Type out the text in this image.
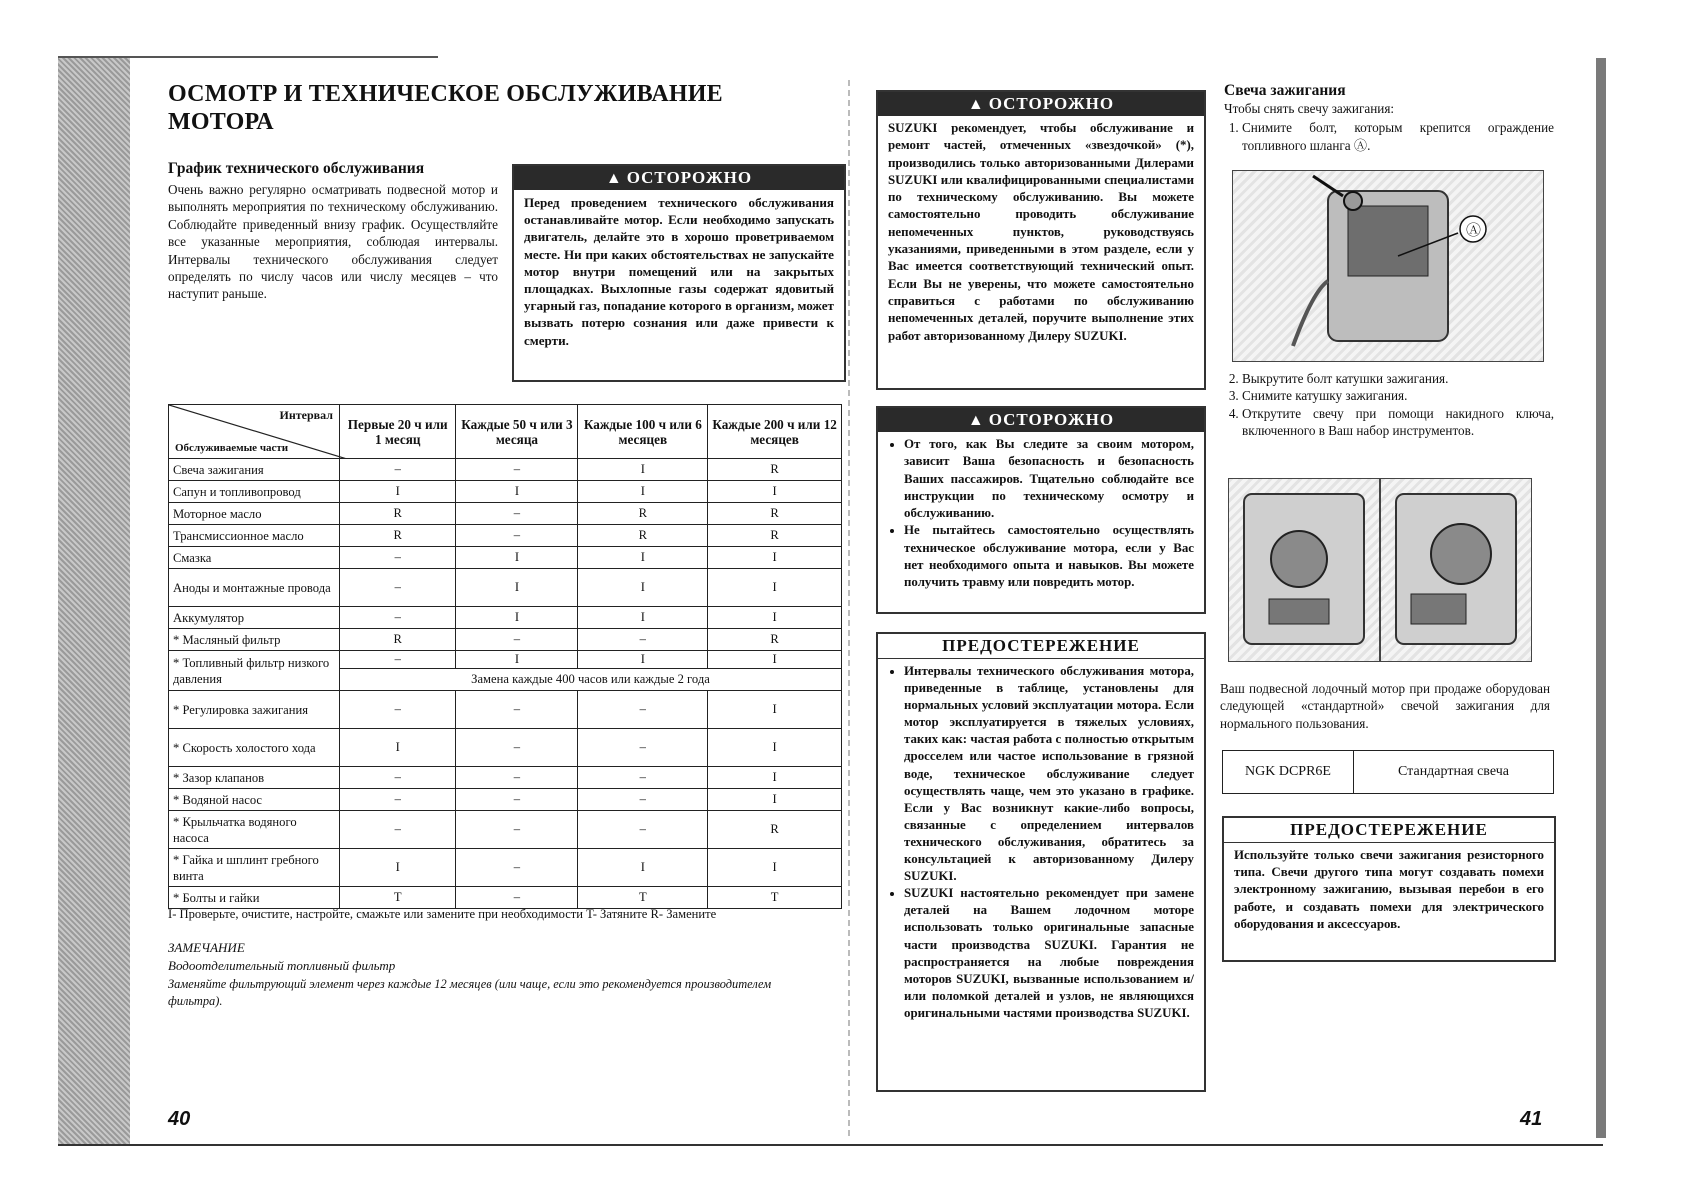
ОСМОТР И ТЕХНИЧЕСКОЕ ОБСЛУЖИВАНИЕ МОТОРА
График технического обслуживания
Очень важно регулярно осматривать подвесной мотор и выполнять мероприятия по техническому обслуживанию. Соблюдайте приведенный внизу график. Осуществляйте все указанные мероприятия, соблюдая интервалы. Интервалы технического обслуживания следует определять по числу часов или числу месяцев – что наступит раньше.
▲ ОСТОРОЖНО
Перед проведением технического обслуживания останавливайте мотор. Если необходимо запускать двигатель, делайте это в хорошо проветриваемом месте. Ни при каких обстоятельствах не запускайте мотор внутри помещений или на закрытых площадках. Выхлопные газы содержат ядовитый угарный газ, попадание которого в организм, может вызвать потерю сознания или даже привести к смерти.
Интервал
Обслуживаемые части	Первые 20 ч или 1 месяц	Каждые 50 ч или 3 месяца	Каждые 100 ч или 6 месяцев	Каждые 200 ч или 12 месяцев
Свеча зажигания	–	–	I	R
Сапун и топливопровод	I	I	I	I
Моторное масло	R	–	R	R
Трансмиссионное масло	R	–	R	R
Смазка	–	I	I	I
Аноды и монтажные провода	–	I	I	I
Аккумулятор	–	I	I	I
* Масляный фильтр	R	–	–	R
* Топливный фильтр низкого давления	–	I	I	I
	Замена каждые 400 часов или каждые 2 года			
* Регулировка зажигания	–	–	–	I
* Скорость холостого хода	I	–	–	I
* Зазор клапанов	–	–	–	I
* Водяной насос	–	–	–	I
* Крыльчатка водяного насоса	–	–	–	R
* Гайка и шплинт гребного винта	I	–	I	I
* Болты и гайки	T	–	T	T
I- Проверьте, очистите, настройте, смажьте или замените при необходимости T- Затяните R- Замените
ЗАМЕЧАНИЕ
Водоотделительный топливный фильтр
Заменяйте фильтрующий элемент через каждые 12 месяцев (или чаще, если это рекомендуется производителем фильтра).
40
▲ ОСТОРОЖНО
SUZUKI рекомендует, чтобы обслуживание и ремонт частей, отмеченных «звездочкой» (*), производились только авторизованными Дилерами SUZUKI или квалифицированными специалистами по техническому обслуживанию. Вы можете самостоятельно проводить обслуживание непомеченных пунктов, руководствуясь указаниями, приведенными в этом разделе, если у Вас имеется соответствующий технический опыт. Если Вы не уверены, что можете самостоятельно справиться с работами по обслуживанию непомеченных деталей, поручите выполнение этих работ авторизованному Дилеру SUZUKI.
▲ ОСТОРОЖНО
• От того, как Вы следите за своим мотором, зависит Ваша безопасность и безопасность Ваших пассажиров. Тщательно соблюдайте все инструкции по техническому осмотру и обслуживанию.
• Не пытайтесь самостоятельно осуществлять техническое обслуживание мотора, если у Вас нет необходимого опыта и навыков. Вы можете получить травму или повредить мотор.
ПРЕДОСТЕРЕЖЕНИЕ
• Интервалы технического обслуживания мотора, приведенные в таблице, установлены для нормальных условий эксплуатации мотора. Если мотор эксплуатируется в тяжелых условиях, таких как: частая работа с полностью открытым дросселем или частое использование в грязной воде, техническое обслуживание следует осуществлять чаще, чем это указано в графике. Если у Вас возникнут какие-либо вопросы, связанные с определением интервалов технического обслуживания, обратитесь за консультацией к авторизованному Дилеру SUZUKI.
• SUZUKI настоятельно рекомендует при замене деталей на Вашем лодочном моторе использовать только оригинальные запасные части производства SUZUKI. Гарантия не распространяется на любые повреждения моторов SUZUKI, вызванные использованием и/или поломкой деталей и узлов, не являющихся оригинальными частями производства SUZUKI.
Свеча зажигания
Чтобы снять свечу зажигания:
1. Снимите болт, которым крепится ограждение топливного шланга Ⓐ.
Ⓐ
2. Выкрутите болт катушки зажигания.
3. Снимите катушку зажигания.
4. Открутите свечу при помощи накидного ключа, включенного в Ваш набор инструментов.
Ваш подвесной лодочный мотор при продаже оборудован следующей «стандартной» свечой зажигания для нормального пользования.
NGK DCPR6E	Стандартная свеча
ПРЕДОСТЕРЕЖЕНИЕ
Используйте только свечи зажигания резисторного типа. Свечи другого типа могут создавать помехи электронному зажиганию, вызывая перебои в его работе, и создавать помехи для электрического оборудования и аксессуаров.
41
